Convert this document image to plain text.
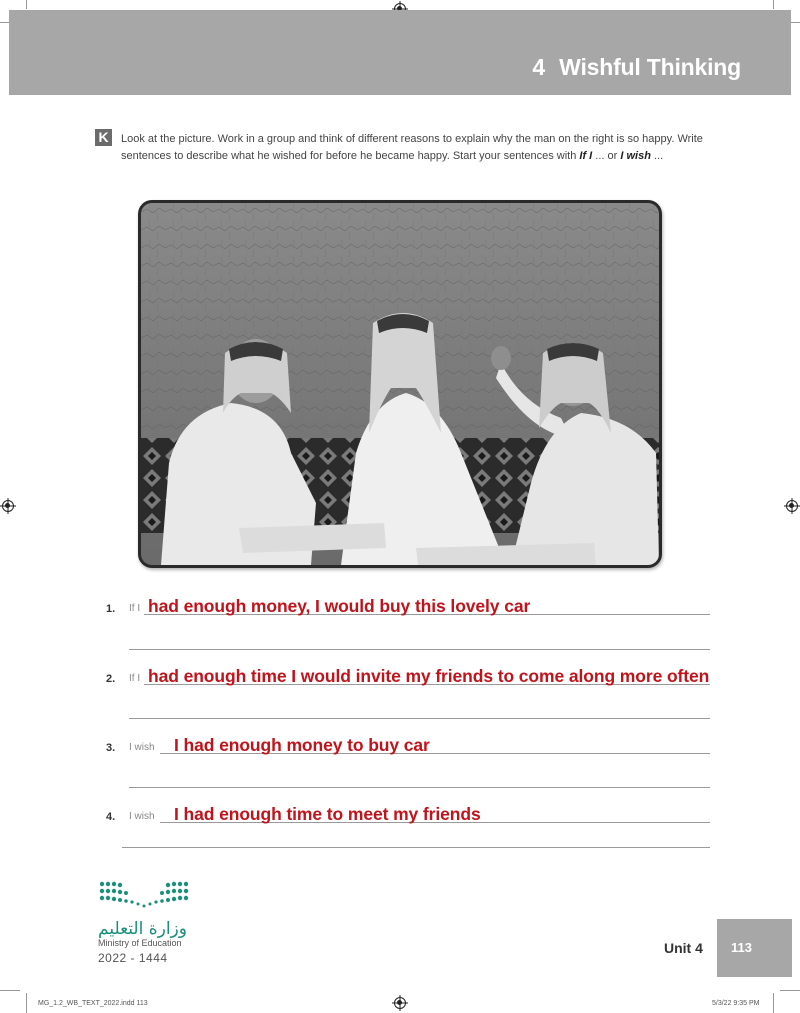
4 Wishful Thinking
K	Look at the picture. Work in a group and think of different reasons to explain why the man on the right is so happy. Write sentences to describe what he wished for before he became happy. Start your sentences with If I ... or I wish ...
1. If I had enough money, I would buy this lovely car
2. If I had enough time I would invite my friends to come along more often
3. I wish I had enough money to buy car
4. I wish I had enough time to meet my friends
وزارة التعليم
Ministry of Education
2022 - 1444
Unit 4 113
MG_1.2_WB_TEXT_2022.indd 113	5/3/22 9:35 PM
